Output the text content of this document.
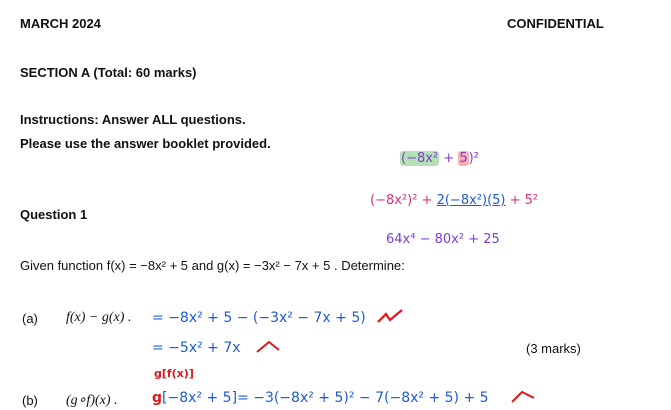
MARCH 2024	CONFIDENTIAL
SECTION A (Total: 60 marks)
Instructions: Answer ALL questions.
Please use the answer booklet provided.
Question 1
Given function f(x) = −8x² + 5 and g(x) = −3x² − 7x + 5 . Determine:
(a) f(x) − g(x) .
(3 marks)
(b) (g∘f)(x) .
(−8x² + 5)²
(−8x²)² + 2(−8x²)(5) + 5²
64x⁴ − 80x² + 25
= −8x² + 5 − (−3x² − 7x + 5)
= −5x² + 7x
g[f(x)]
g[−8x² + 5]= −3(−8x² + 5)² − 7(−8x² + 5) + 5
